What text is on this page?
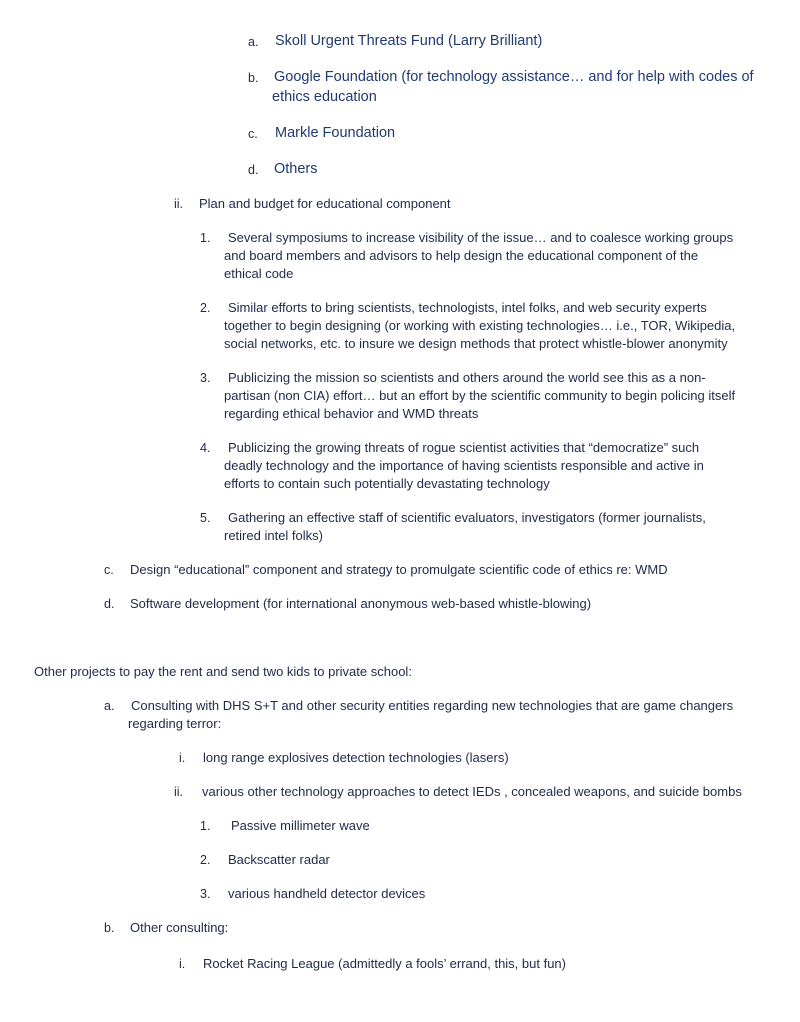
a. Skoll Urgent Threats Fund (Larry Brilliant)
b. Google Foundation (for technology assistance… and for help with codes of
ethics education
c. Markle Foundation
d. Others
ii. Plan and budget for educational component
1. Several symposiums to increase visibility of the issue… and to coalesce working groups
and board members and advisors to help design the educational component of the
ethical code
2. Similar efforts to bring scientists, technologists, intel folks, and web security experts
together to begin designing (or working with existing technologies… i.e., TOR, Wikipedia,
social networks, etc. to insure we design methods that protect whistle-blower anonymity
3. Publicizing the mission so scientists and others around the world see this as a non-
partisan (non CIA) effort… but an effort by the scientific community to begin policing itself
regarding ethical behavior and WMD threats
4. Publicizing the growing threats of rogue scientist activities that “democratize” such
deadly technology and the importance of having scientists responsible and active in
efforts to contain such potentially devastating technology
5. Gathering an effective staff of scientific evaluators, investigators (former journalists,
retired intel folks)
c. Design “educational” component and strategy to promulgate scientific code of ethics re: WMD
d. Software development (for international anonymous web-based whistle-blowing)
Other projects to pay the rent and send two kids to private school:
a. Consulting with DHS S+T and other security entities regarding new technologies that are game changers
regarding terror:
i. long range explosives detection technologies (lasers)
ii. various other technology approaches to detect IEDs , concealed weapons, and suicide bombs
1. Passive millimeter wave
2. Backscatter radar
3. various handheld detector devices
b. Other consulting:
i. Rocket Racing League (admittedly a fools’ errand, this, but fun)
